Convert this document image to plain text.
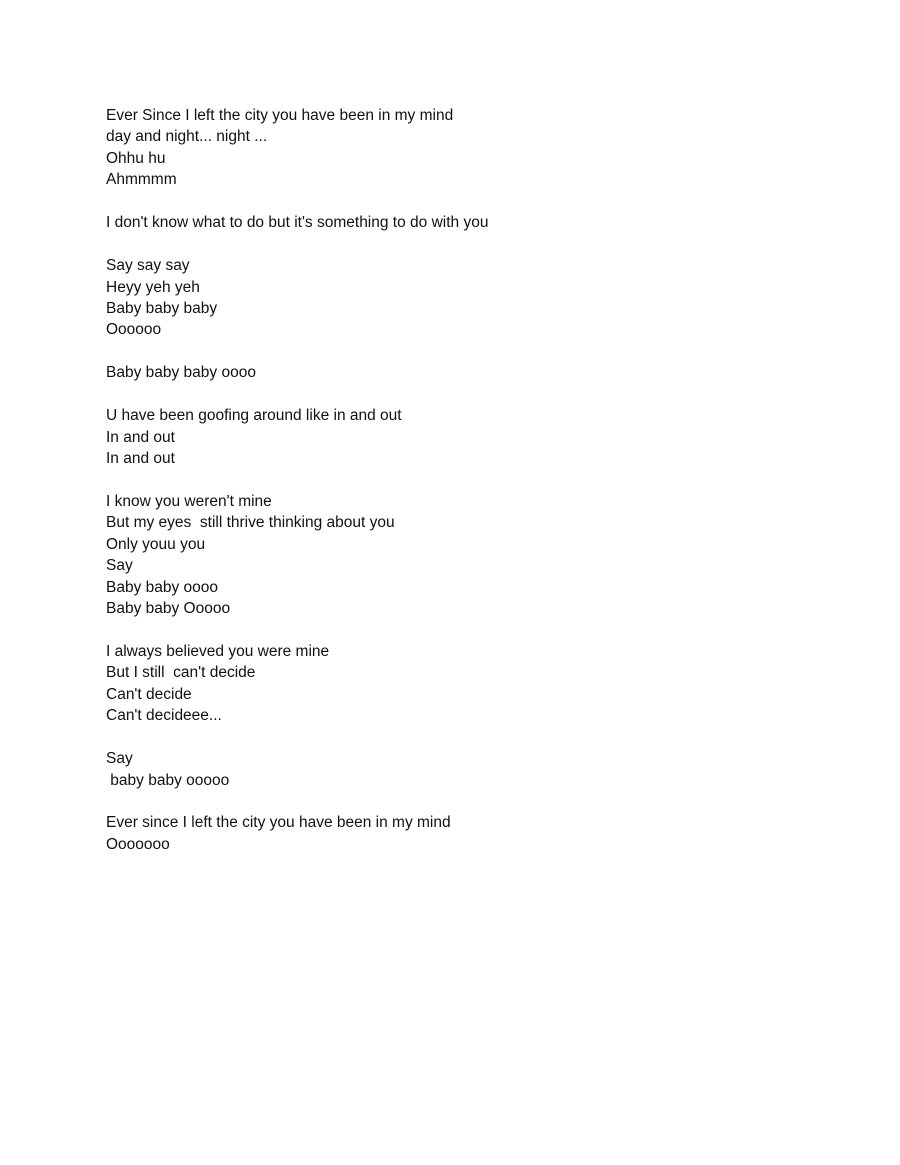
Ever Since I left the city you have been in my mind
day and night... night ...
Ohhu hu
Ahmmmm
I don't know what to do but it's something to do with you
Say say say
Heyy yeh yeh
Baby baby baby
Oooooo
Baby baby baby oooo
U have been goofing around like in and out
In and out
In and out
I know you weren't mine
But my eyes  still thrive thinking about you
Only youu you
Say
Baby baby oooo
Baby baby Ooooo
I always believed you were mine
But I still  can't decide
Can't decide
Can't decideee...
Say
baby baby ooooo
Ever since I left the city you have been in my mind
Ooooooo
